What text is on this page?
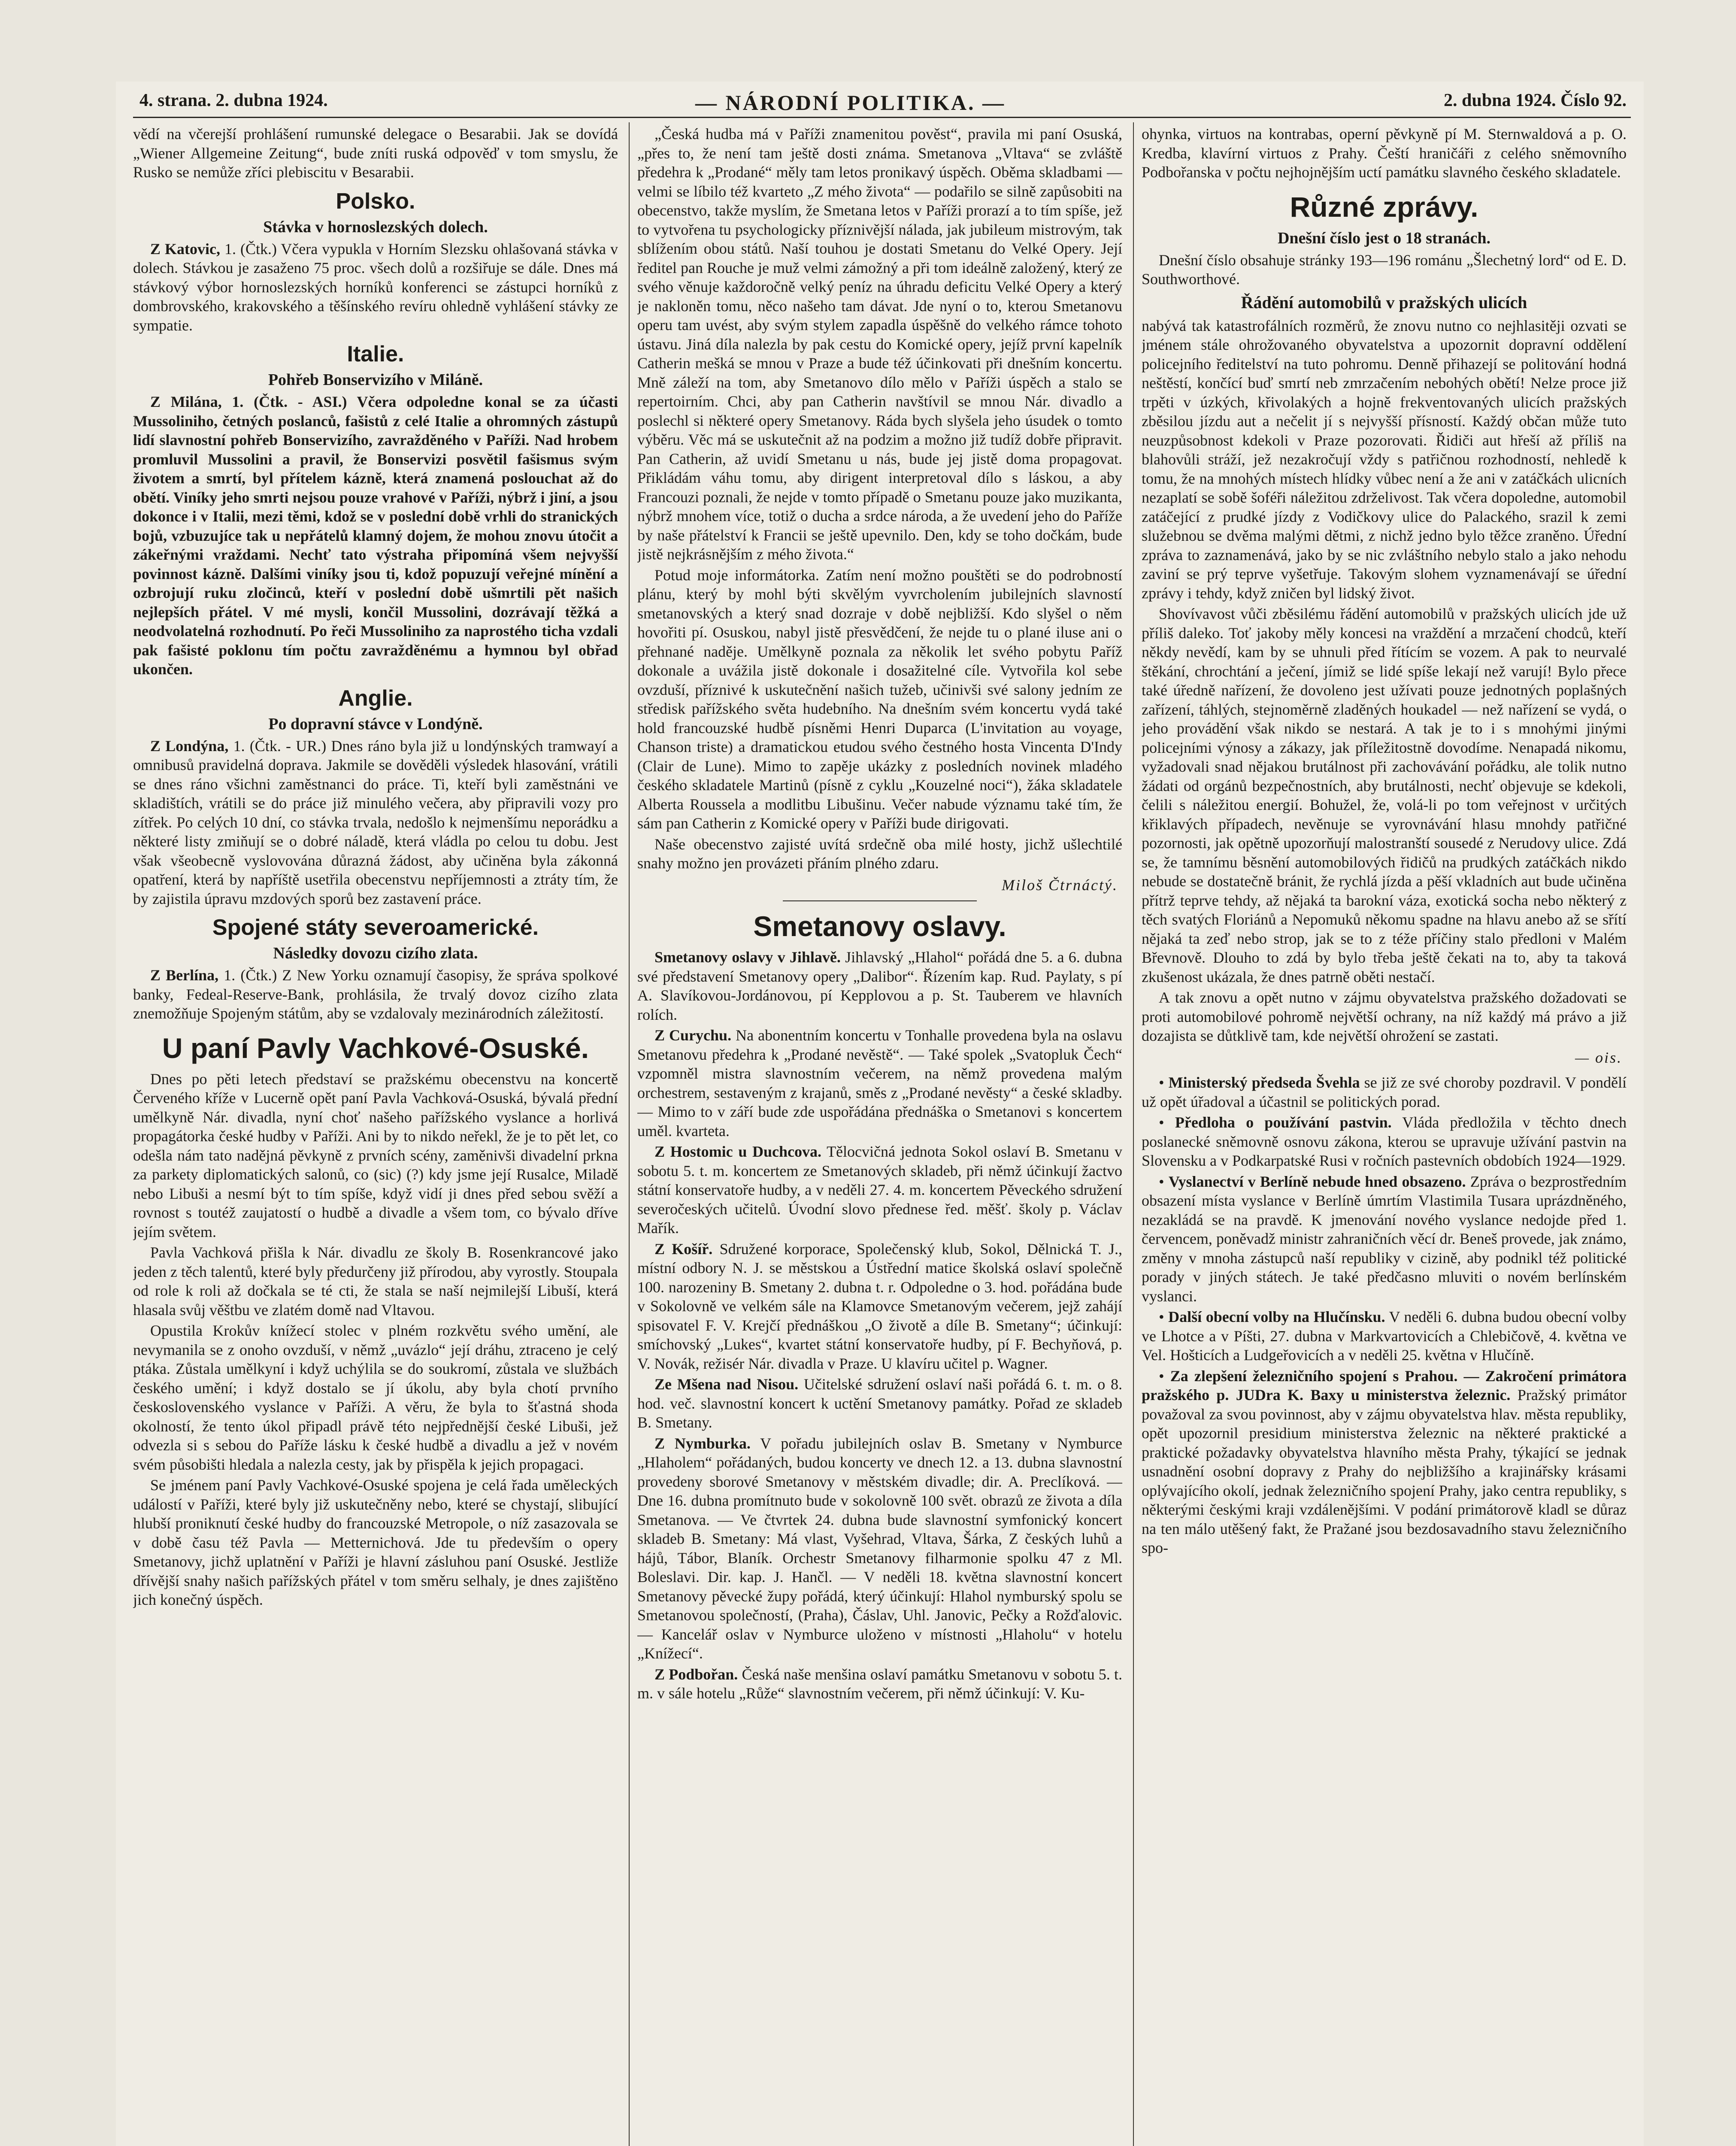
4. strana. 2. dubna 1924.	— NÁRODNÍ POLITIKA. —	2. dubna 1924. Číslo 92.

vědí na včerejší prohlášení rumunské delegace o Besarabii. Jak se dovídá „Wiener Allgemeine Zeitung“, bude zníti ruská odpověď v tom smyslu, že Rusko se nemůže zříci plebiscitu v Besarabii.

Polsko.
Stávka v hornoslezských dolech.

Z Katovic, 1. (Čtk.) Včera vypukla v Horním Slezsku ohlašovaná stávka v dolech. Stávkou je zasaženo 75 proc. všech dolů a rozšiřuje se dále. Dnes má stávkový výbor hornoslezských horníků konferenci se zástupci horníků z dombrovského, krakovského a těšínského revíru ohledně vyhlášení stávky ze sympatie.

Italie.
Pohřeb Bonservizího v Miláně.

Z Milána, 1. (Čtk. - ASI.) Včera odpoledne konal se za účasti Mussoliniho, četných poslanců, fašistů z celé Italie a ohromných zástupů lidí slavnostní pohřeb Bonservizího, zavražděného v Paříži. Nad hrobem promluvil Mussolini a pravil, že Bonservizi posvětil fašismus svým životem a smrtí, byl přítelem kázně, která znamená poslouchat až do obětí. Viníky jeho smrti nejsou pouze vrahové v Paříži, nýbrž i jiní, a jsou dokonce i v Italii, mezi těmi, kdož se v poslední době vrhli do stranických bojů, vzbuzujíce tak u nepřátelů klamný dojem, že mohou znovu útočit a zákeřnými vraždami. Nechť tato výstraha připomíná všem nejvyšší povinnost kázně. Dalšími viníky jsou ti, kdož popuzují veřejné mínění a ozbrojují ruku zločinců, kteří v poslední době ušmrtili pět našich nejlepších přátel. V mé mysli, končil Mussolini, dozrávají těžká a neodvolatelná rozhodnutí. Po řeči Mussoliniho za naprostého ticha vzdali pak fašisté poklonu tím počtu zavražděnému a hymnou byl obřad ukončen.

Anglie.
Po dopravní stávce v Londýně.

Z Londýna, 1. (Čtk. - UR.) Dnes ráno byla již u londýnských tramwayí a omnibusů pravidelná doprava. Jakmile se dověděli výsledek hlasování, vrátili se dnes ráno všichni zaměstnanci do práce. Ti, kteří byli zaměstnáni ve skladištích, vrátili se do práce již minulého večera, aby připravili vozy pro zítřek. Po celých 10 dní, co stávka trvala, nedošlo k nejmenšímu neporádku a některé listy zmiňují se o dobré náladě, která vládla po celou tu dobu. Jest však všeobecně vyslovována důrazná žádost, aby učiněna byla zákonná opatření, která by napříště usetřila obecenstvu nepříjemnosti a ztráty tím, že by zajistila úpravu mzdových sporů bez zastavení práce.

Spojené státy severoamerické.
Následky dovozu cizího zlata.

Z Berlína, 1. (Čtk.) Z New Yorku oznamují časopisy, že správa spolkové banky, Fedeal-Reserve-Bank, prohlásila, že trvalý dovoz cizího zlata znemožňuje Spojeným státům, aby se vzdalovaly mezinárodních záležitostí.

U paní Pavly Vachkové-Osuské.

Dnes po pěti letech představí se pražskému obecenstvu na koncertě Červeného kříže v Lucerně opět paní Pavla Vachková-Osuská, bývalá přední umělkyně Nár. divadla, nyní choť našeho pařížského vyslance a horlivá propagátorka české hudby v Paříži. Ani by to nikdo neřekl, že je to pět let, co odešla nám tato nadějná pěvkyně z prvních scény, zaměnivši divadelní prkna za parkety diplomatických salonů, co (sic) (?) kdy jsme její Rusalce, Miladě nebo Libuši a nesmí být to tím spíše, když vidí ji dnes před sebou svěží a rovnost s toutéž zaujatostí o hudbě a divadle a všem tom, co bývalo dříve jejím světem.

Pavla Vachková přišla k Nár. divadlu ze školy B. Rosenkrancové jako jeden z těch talentů, které byly předurčeny již přírodou, aby vyrostly. Stoupala od role k roli až dočkala se té cti, že stala se naší nejmilejší Libuší, která hlasala svůj věštbu ve zlatém domě nad Vltavou.

Opustila Krokův knížecí stolec v plném rozkvětu svého umění, ale nevymanila se z onoho ovzduší, v němž „uvázlo“ její dráhu, ztraceno je celý ptáka. Zůstala umělkyní i když uchýlila se do soukromí, zůstala ve službách českého umění; i když dostalo se jí úkolu, aby byla chotí prvního československého vyslance v Paříži. A věru, že byla to šťastná shoda okolností, že tento úkol připadl právě této nejpřednější české Libuši, jež odvezla si s sebou do Paříže lásku k české hudbě a divadlu a jež v novém svém působišti hledala a nalezla cesty, jak by přispěla k jejich propagaci.

Se jménem paní Pavly Vachkové-Osuské spojena je celá řada uměleckých událostí v Paříži, které byly již uskutečněny nebo, které se chystají, slibující hlubší proniknutí české hudby do francouzské Metropole, o níž zasazovala se v době času též Pavla — Metternichová. Jde tu především o opery Smetanovy, jichž uplatnění v Paříži je hlavní zásluhou paní Osuské. Jestliže dřívější snahy našich pařížských přátel v tom směru selhaly, je dnes zajištěno jich konečný úspěch.

„Česká hudba má v Paříži znamenitou pověst“, pravila mi paní Osuská, „přes to, že není tam ještě dosti známa. Smetanova „Vltava“ se zvláště předehra k „Prodané“ měly tam letos pronikavý úspěch. Oběma skladbami — velmi se líbilo též kvarteto „Z mého života“ — podařilo se silně zapůsobiti na obecenstvo, takže myslím, že Smetana letos v Paříži prorazí a to tím spíše, jež to vytvořena tu psychologicky příznivější nálada, jak jubileum mistrovým, tak sblížením obou států. Naší touhou je dostati Smetanu do Velké Opery. Její ředitel pan Rouche je muž velmi zámožný a při tom ideálně založený, který ze svého věnuje každoročně velký peníz na úhradu deficitu Velké Opery a který je nakloněn tomu, něco našeho tam dávat. Jde nyní o to, kterou Smetanovu operu tam uvést, aby svým stylem zapadla úspěšně do velkého rámce tohoto ústavu. Jiná díla nalezla by pak cestu do Komické opery, jejíž první kapelník Catherin mešká se mnou v Praze a bude též účinkovati při dnešním koncertu. Mně záleží na tom, aby Smetanovo dílo mělo v Paříži úspěch a stalo se repertoirním. Chci, aby pan Catherin navštívil se mnou Nár. divadlo a poslechl si některé opery Smetanovy. Ráda bych slyšela jeho úsudek o tomto výběru. Věc má se uskutečnit až na podzim a možno již tudíž dobře připravit. Pan Catherin, až uvidí Smetanu u nás, bude jej jistě doma propagovat. Přikládám váhu tomu, aby dirigent interpretoval dílo s láskou, a aby Francouzi poznali, že nejde v tomto případě o Smetanu pouze jako muzikanta, nýbrž mnohem více, totiž o ducha a srdce národa, a že uvedení jeho do Paříže by naše přátelství k Francii se ještě upevnilo. Den, kdy se toho dočkám, bude jistě nejkrásnějším z mého života.“

Potud moje informátorka. Zatím není možno pouštěti se do podrobností plánu, který by mohl býti skvělým vyvrcholením jubilejních slavností smetanovských a který snad dozraje v době nejbližší. Kdo slyšel o něm hovořiti pí. Osuskou, nabyl jistě přesvědčení, že nejde tu o plané iluse ani o přehnané naděje. Umělkyně poznala za několik let svého pobytu Paříž dokonale a uvážila jistě dokonale i dosažitelné cíle. Vytvořila kol sebe ovzduší, příznivé k uskutečnění našich tužeb, učinivši své salony jedním ze středisk pařížského světa hudebního. Na dnešním svém koncertu vydá také hold francouzské hudbě písněmi Henri Duparca (L'invitation au voyage, Chanson triste) a dramatickou etudou svého čestného hosta Vincenta D'Indy (Clair de Lune). Mimo to zapěje ukázky z posledních novinek mladého českého skladatele Martinů (písně z cyklu „Kouzelné noci“), žáka skladatele Alberta Roussela a modlitbu Libušinu. Večer nabude významu také tím, že sám pan Catherin z Komické opery v Paříži bude dirigovati.

Naše obecenstvo zajisté uvítá srdečně oba milé hosty, jichž ušlechtilé snahy možno jen provázeti přáním plného zdaru.

Miloš Čtrnáctý.
Smetanovy oslavy.

Smetanovy oslavy v Jihlavě. Jihlavský „Hlahol“ pořádá dne 5. a 6. dubna své představení Smetanovy opery „Dalibor“. Řízením kap. Rud. Paylaty, s pí A. Slavíkovou-Jordánovou, pí Kepplovou a p. St. Tauberem ve hlavních rolích.

Z Curychu. Na abonentním koncertu v Tonhalle provedena byla na oslavu Smetanovu předehra k „Prodané nevěstě“. — Také spolek „Svatopluk Čech“ vzpomněl mistra slavnostním večerem, na němž provedena malým orchestrem, sestaveným z krajanů, směs z „Prodané nevěsty“ a české skladby. — Mimo to v září bude zde uspořádána přednáška o Smetanovi s koncertem uměl. kvarteta.

Z Hostomic u Duchcova. Tělocvičná jednota Sokol oslaví B. Smetanu v sobotu 5. t. m. koncertem ze Smetanových skladeb, při němž účinkují žactvo státní konservatoře hudby, a v neděli 27. 4. m. koncertem Pěveckého sdružení severočeských učitelů. Úvodní slovo přednese řed. měšť. školy p. Václav Mařík.

Z Košíř. Sdružené korporace, Společenský klub, Sokol, Dělnická T. J., místní odbory N. J. se městskou a Ústřední matice školská oslaví společně 100. narozeniny B. Smetany 2. dubna t. r. Odpoledne o 3. hod. pořádána bude v Sokolovně ve velkém sále na Klamovce Smetanovým večerem, jejž zahájí spisovatel F. V. Krejčí přednáškou „O životě a díle B. Smetany“; účinkují: smíchovský „Lukes“, kvartet státní konservatoře hudby, pí F. Bechyňová, p. V. Novák, režisér Nár. divadla v Praze. U klavíru učitel p. Wagner.

Ze Mšena nad Nisou. Učitelské sdružení oslaví naši pořádá 6. t. m. o 8. hod. več. slavnostní koncert k uctění Smetanovy památky. Pořad ze skladeb B. Smetany.

Z Nymburka. V pořadu jubilejních oslav B. Smetany v Nymburce „Hlaholem“ pořádaných, budou koncerty ve dnech 12. a 13. dubna slavnostní provedeny sborové Smetanovy v městském divadle; dir. A. Preclíková. — Dne 16. dubna promítnuto bude v sokolovně 100 svět. obrazů ze života a díla Smetanova. — Ve čtvrtek 24. dubna bude slavnostní symfonický koncert skladeb B. Smetany: Má vlast, Vyšehrad, Vltava, Šárka, Z českých luhů a hájů, Tábor, Blaník. Orchestr Smetanovy filharmonie spolku 47 z Ml. Boleslavi. Dir. kap. J. Hančl. — V neděli 18. května slavnostní koncert Smetanovy pěvecké župy pořádá, který účinkují: Hlahol nymburský spolu se Smetanovou společností, (Praha), Čáslav, Uhl. Janovic, Pečky a Rožďalovic. — Kancelář oslav v Nymburce uloženo v místnosti „Hlaholu“ v hotelu „Knížecí“.

Z Podbořan. Česká naše menšina oslaví památku Smetanovu v sobotu 5. t. m. v sále hotelu „Růže“ slavnostním večerem, při němž účinkují: V. Ku-

ohynka, virtuos na kontrabas, operní pěvkyně pí M. Sternwaldová a p. O. Kredba, klavírní virtuos z Prahy. Čeští hraničáři z celého sněmovního Podbořanska v počtu nejhojnějším uctí památku slavného českého skladatele.

Různé zprávy.
Dnešní číslo jest o 18 stranách.

Dnešní číslo obsahuje stránky 193—196 románu „Šlechetný lord“ od E. D. Southworthové.

Řádění automobilů v pražských ulicích

nabývá tak katastrofálních rozměrů, že znovu nutno co nejhlasitěji ozvati se jménem stále ohrožovaného obyvatelstva a upozornit dopravní oddělení policejního ředitelství na tuto pohromu. Denně přihazejí se politování hodná neštěstí, končící buď smrtí neb zmrzačením nebohých obětí! Nelze proce již trpěti v úzkých, křivolakých a hojně frekventovaných ulicích pražských zběsilou jízdu aut a nečelit jí s nejvyšší přísností. Každý občan může tuto neuzpůsobnost kdekoli v Praze pozorovati. Řidiči aut hřeší až příliš na blahovůli stráží, jež nezakročují vždy s patřičnou rozhodností, nehledě k tomu, že na mnohých místech hlídky vůbec není a že ani v zatáčkách ulicních nezaplatí se sobě šoféři náležitou zdrželivost. Tak včera dopoledne, automobil zatáčející z prudké jízdy z Vodičkovy ulice do Palackého, srazil k zemi služebnou se dvěma malými dětmi, z nichž jedno bylo těžce zraněno. Úřední zpráva to zaznamenává, jako by se nic zvláštního nebylo stalo a jako nehodu zaviní se prý teprve vyšetřuje. Takovým slohem vyznamenávají se úřední zprávy i tehdy, když zničen byl lidský život.

Shovívavost vůči zběsilému řádění automobilů v pražských ulicích jde už příliš daleko. Toť jakoby měly koncesi na vraždění a mrzačení chodců, kteří někdy nevědí, kam by se uhnuli před řítícím se vozem. A pak to neurvalé štěkání, chrochtání a ječení, jímiž se lidé spíše lekají než varují! Bylo přece také úředně nařízení, že dovoleno jest užívati pouze jednotných poplašných zařízení, táhlých, stejnoměrně zladěných houkadel — než nařízení se vydá, o jeho provádění však nikdo se nestará. A tak je to i s mnohými jinými policejními výnosy a zákazy, jak příležitostně dovodíme. Nenapadá nikomu, vyžadovali snad nějakou brutálnost při zachovávání pořádku, ale tolik nutno žádati od orgánů bezpečnostních, aby brutálnosti, nechť objevuje se kdekoli, čelili s náležitou energií. Bohužel, že, volá-li po tom veřejnost v určitých křiklavých případech, nevěnuje se vyrovnávání hlasu mnohdy patřičné pozornosti, jak opětně upozorňují malostranští sousedé z Nerudovy ulice. Zdá se, že tamnímu běsnění automobilových řidičů na prudkých zatáčkách nikdo nebude se dostatečně bránit, že rychlá jízda a pěší vkladních aut bude učiněna přítrž teprve tehdy, až nějaká ta barokní váza, exotická socha nebo některý z těch svatých Floriánů a Nepomuků někomu spadne na hlavu anebo až se sřítí nějaká ta zeď nebo strop, jak se to z téže příčiny stalo předloni v Malém Břevnově. Dlouho to zdá by bylo třeba ještě čekati na to, aby ta taková zkušenost ukázala, že dnes patrně oběti nestačí.

A tak znovu a opět nutno v zájmu obyvatelstva pražského dožadovati se proti automobilové pohromě největší ochrany, na níž každý má právo a již dozajista se důtklivě tam, kde největší ohrožení se zastati.

— ois.

• Ministerský předseda Švehla se již ze své choroby pozdravil. V pondělí už opět úřadoval a účastnil se politických porad.

• Předloha o používání pastvin. Vláda předložila v těchto dnech poslanecké sněmovně osnovu zákona, kterou se upravuje užívání pastvin na Slovensku a v Podkarpatské Rusi v ročních pastevních obdobích 1924—1929.

• Vyslanectví v Berlíně nebude hned obsazeno. Zpráva o bezprostředním obsazení místa vyslance v Berlíně úmrtím Vlastimila Tusara uprázdněného, nezakládá se na pravdě. K jmenování nového vyslance nedojde před 1. červencem, poněvadž ministr zahraničních věcí dr. Beneš provede, jak známo, změny v mnoha zástupců naší republiky v cizině, aby podnikl též politické porady v jiných státech. Je také předčasno mluviti o novém berlínském vyslanci.

• Další obecní volby na Hlučínsku. V neděli 6. dubna budou obecní volby ve Lhotce a v Píšti, 27. dubna v Markvartovicích a Chlebičově, 4. května ve Vel. Hošticích a Ludgeřovicích a v neděli 25. května v Hlučíně.

• Za zlepšení železničního spojení s Prahou. — Zakročení primátora pražského p. JUDra K. Baxy u ministerstva železnic. Pražský primátor považoval za svou povinnost, aby v zájmu obyvatelstva hlav. města republiky, opět upozornil presidium ministerstva železnic na některé praktické a praktické požadavky obyvatelstva hlavního města Prahy, týkající se jednak usnadnění osobní dopravy z Prahy do nejbližšího a krajinářsky krásami oplývajícího okolí, jednak železničního spojení Prahy, jako centra republiky, s některými českými kraji vzdálenějšími. V podání primátorově kladl se důraz na ten málo utěšený fakt, že Pražané jsou bezdosavadního stavu železničního spo-
